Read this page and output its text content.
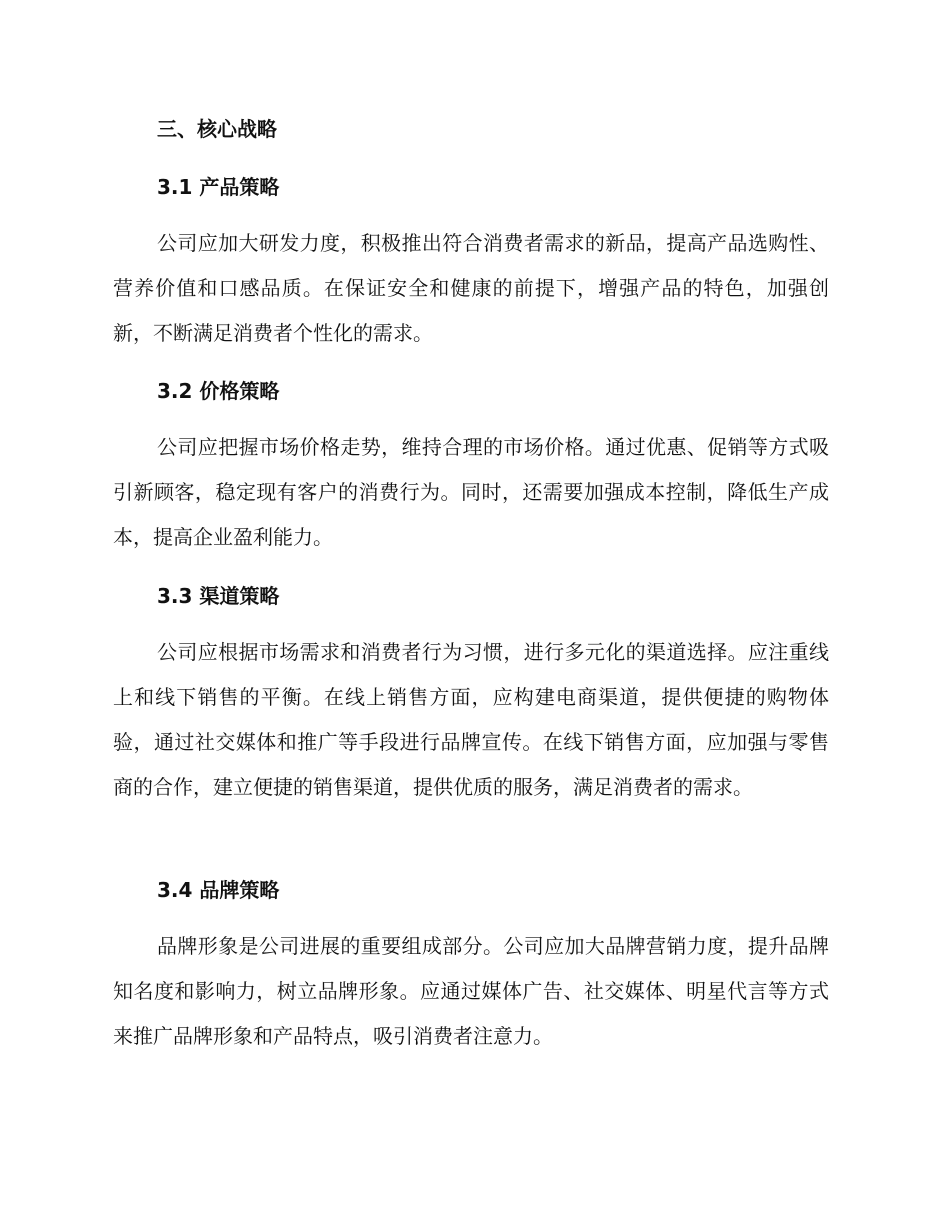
三、核心战略
3.1 产品策略

公司应加大研发力度，积极推出符合消费者需求的新品，提高产品选购性、营养价值和口感品质。在保证安全和健康的前提下，增强产品的特色，加强创新，不断满足消费者个性化的需求。

3.2 价格策略

公司应把握市场价格走势，维持合理的市场价格。通过优惠、促销等方式吸引新顾客，稳定现有客户的消费行为。同时，还需要加强成本控制，降低生产成本，提高企业盈利能力。

3.3 渠道策略

公司应根据市场需求和消费者行为习惯，进行多元化的渠道选择。应注重线上和线下销售的平衡。在线上销售方面，应构建电商渠道，提供便捷的购物体验，通过社交媒体和推广等手段进行品牌宣传。在线下销售方面，应加强与零售商的合作，建立便捷的销售渠道，提供优质的服务，满足消费者的需求。

3.4 品牌策略

品牌形象是公司进展的重要组成部分。公司应加大品牌营销力度，提升品牌知名度和影响力，树立品牌形象。应通过媒体广告、社交媒体、明星代言等方式来推广品牌形象和产品特点，吸引消费者注意力。
